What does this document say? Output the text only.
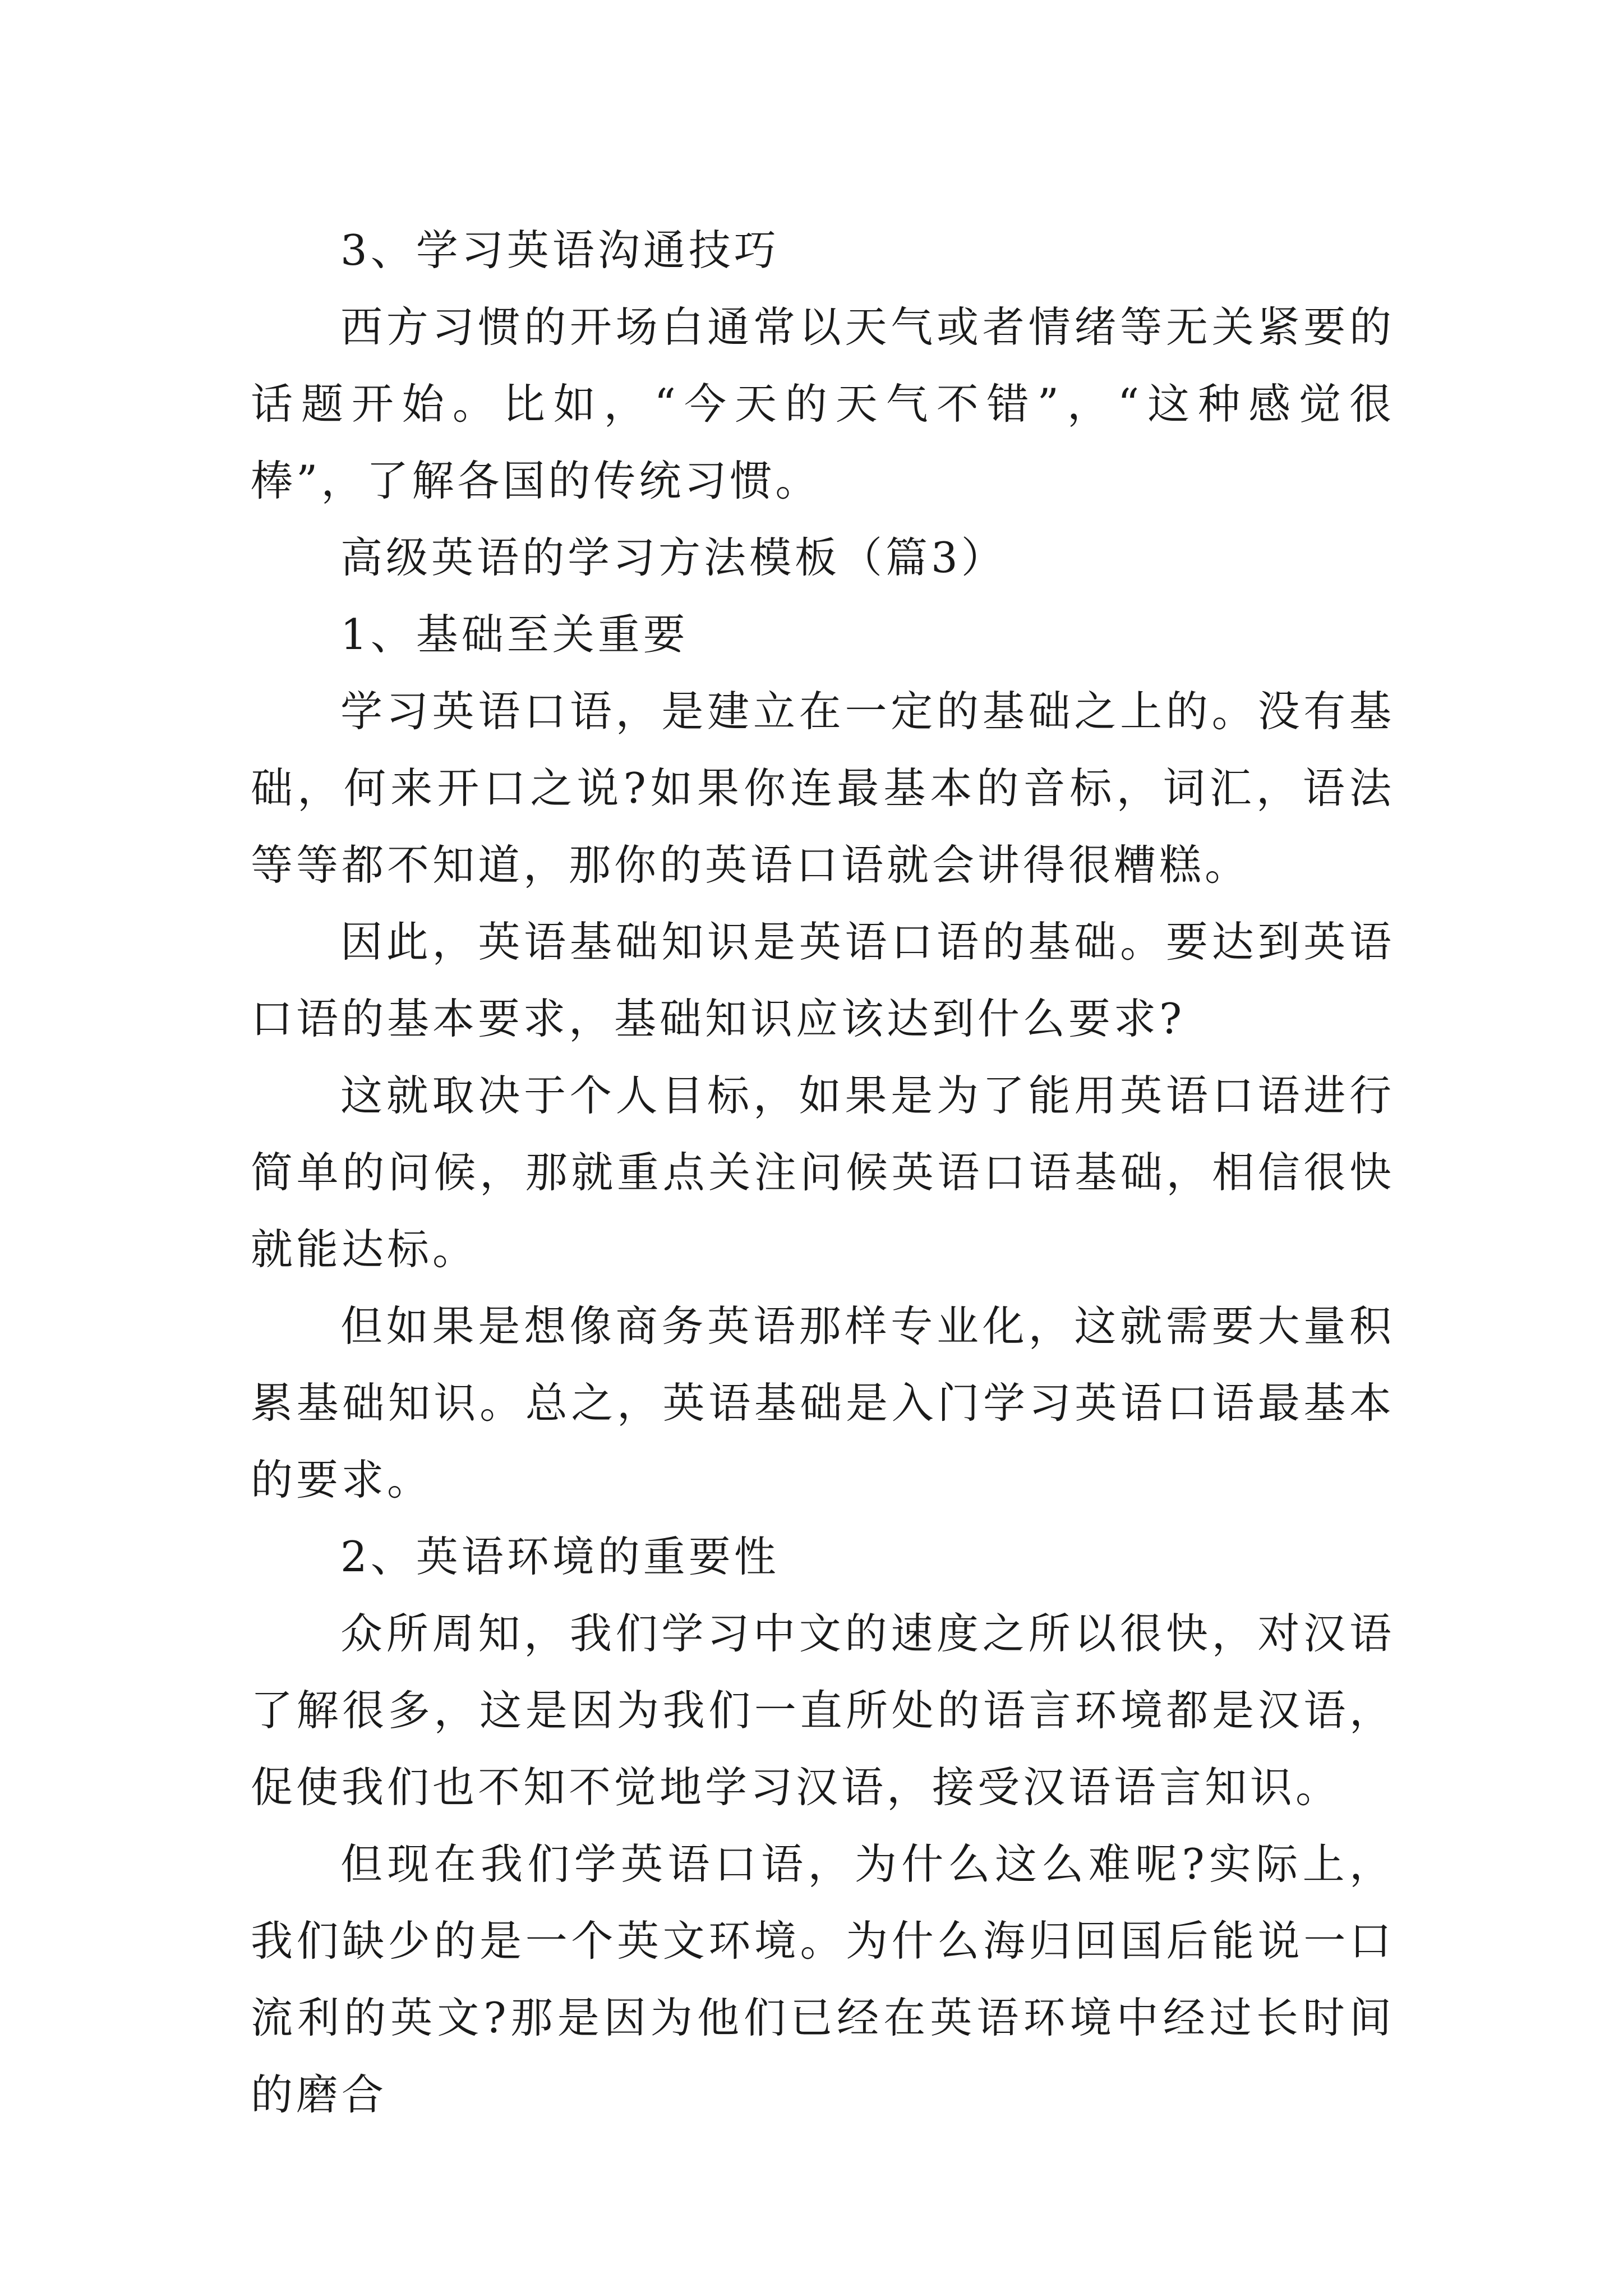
3、学习英语沟通技巧

西方习惯的开场白通常以天气或者情绪等无关紧要的话题开始。比如，“今天的天气不错”，“这种感觉很棒”，了解各国的传统习惯。

高级英语的学习方法模板（篇3）

1、基础至关重要

学习英语口语，是建立在一定的基础之上的。没有基础，何来开口之说?如果你连最基本的音标，词汇，语法等等都不知道，那你的英语口语就会讲得很糟糕。

因此，英语基础知识是英语口语的基础。要达到英语口语的基本要求，基础知识应该达到什么要求?

这就取决于个人目标，如果是为了能用英语口语进行简单的问候，那就重点关注问候英语口语基础，相信很快就能达标。

但如果是想像商务英语那样专业化，这就需要大量积累基础知识。总之，英语基础是入门学习英语口语最基本的要求。

2、英语环境的重要性

众所周知，我们学习中文的速度之所以很快，对汉语了解很多，这是因为我们一直所处的语言环境都是汉语，促使我们也不知不觉地学习汉语，接受汉语语言知识。

但现在我们学英语口语，为什么这么难呢?实际上，我们缺少的是一个英文环境。为什么海归回国后能说一口流利的英文?那是因为他们已经在英语环境中经过长时间的磨合
